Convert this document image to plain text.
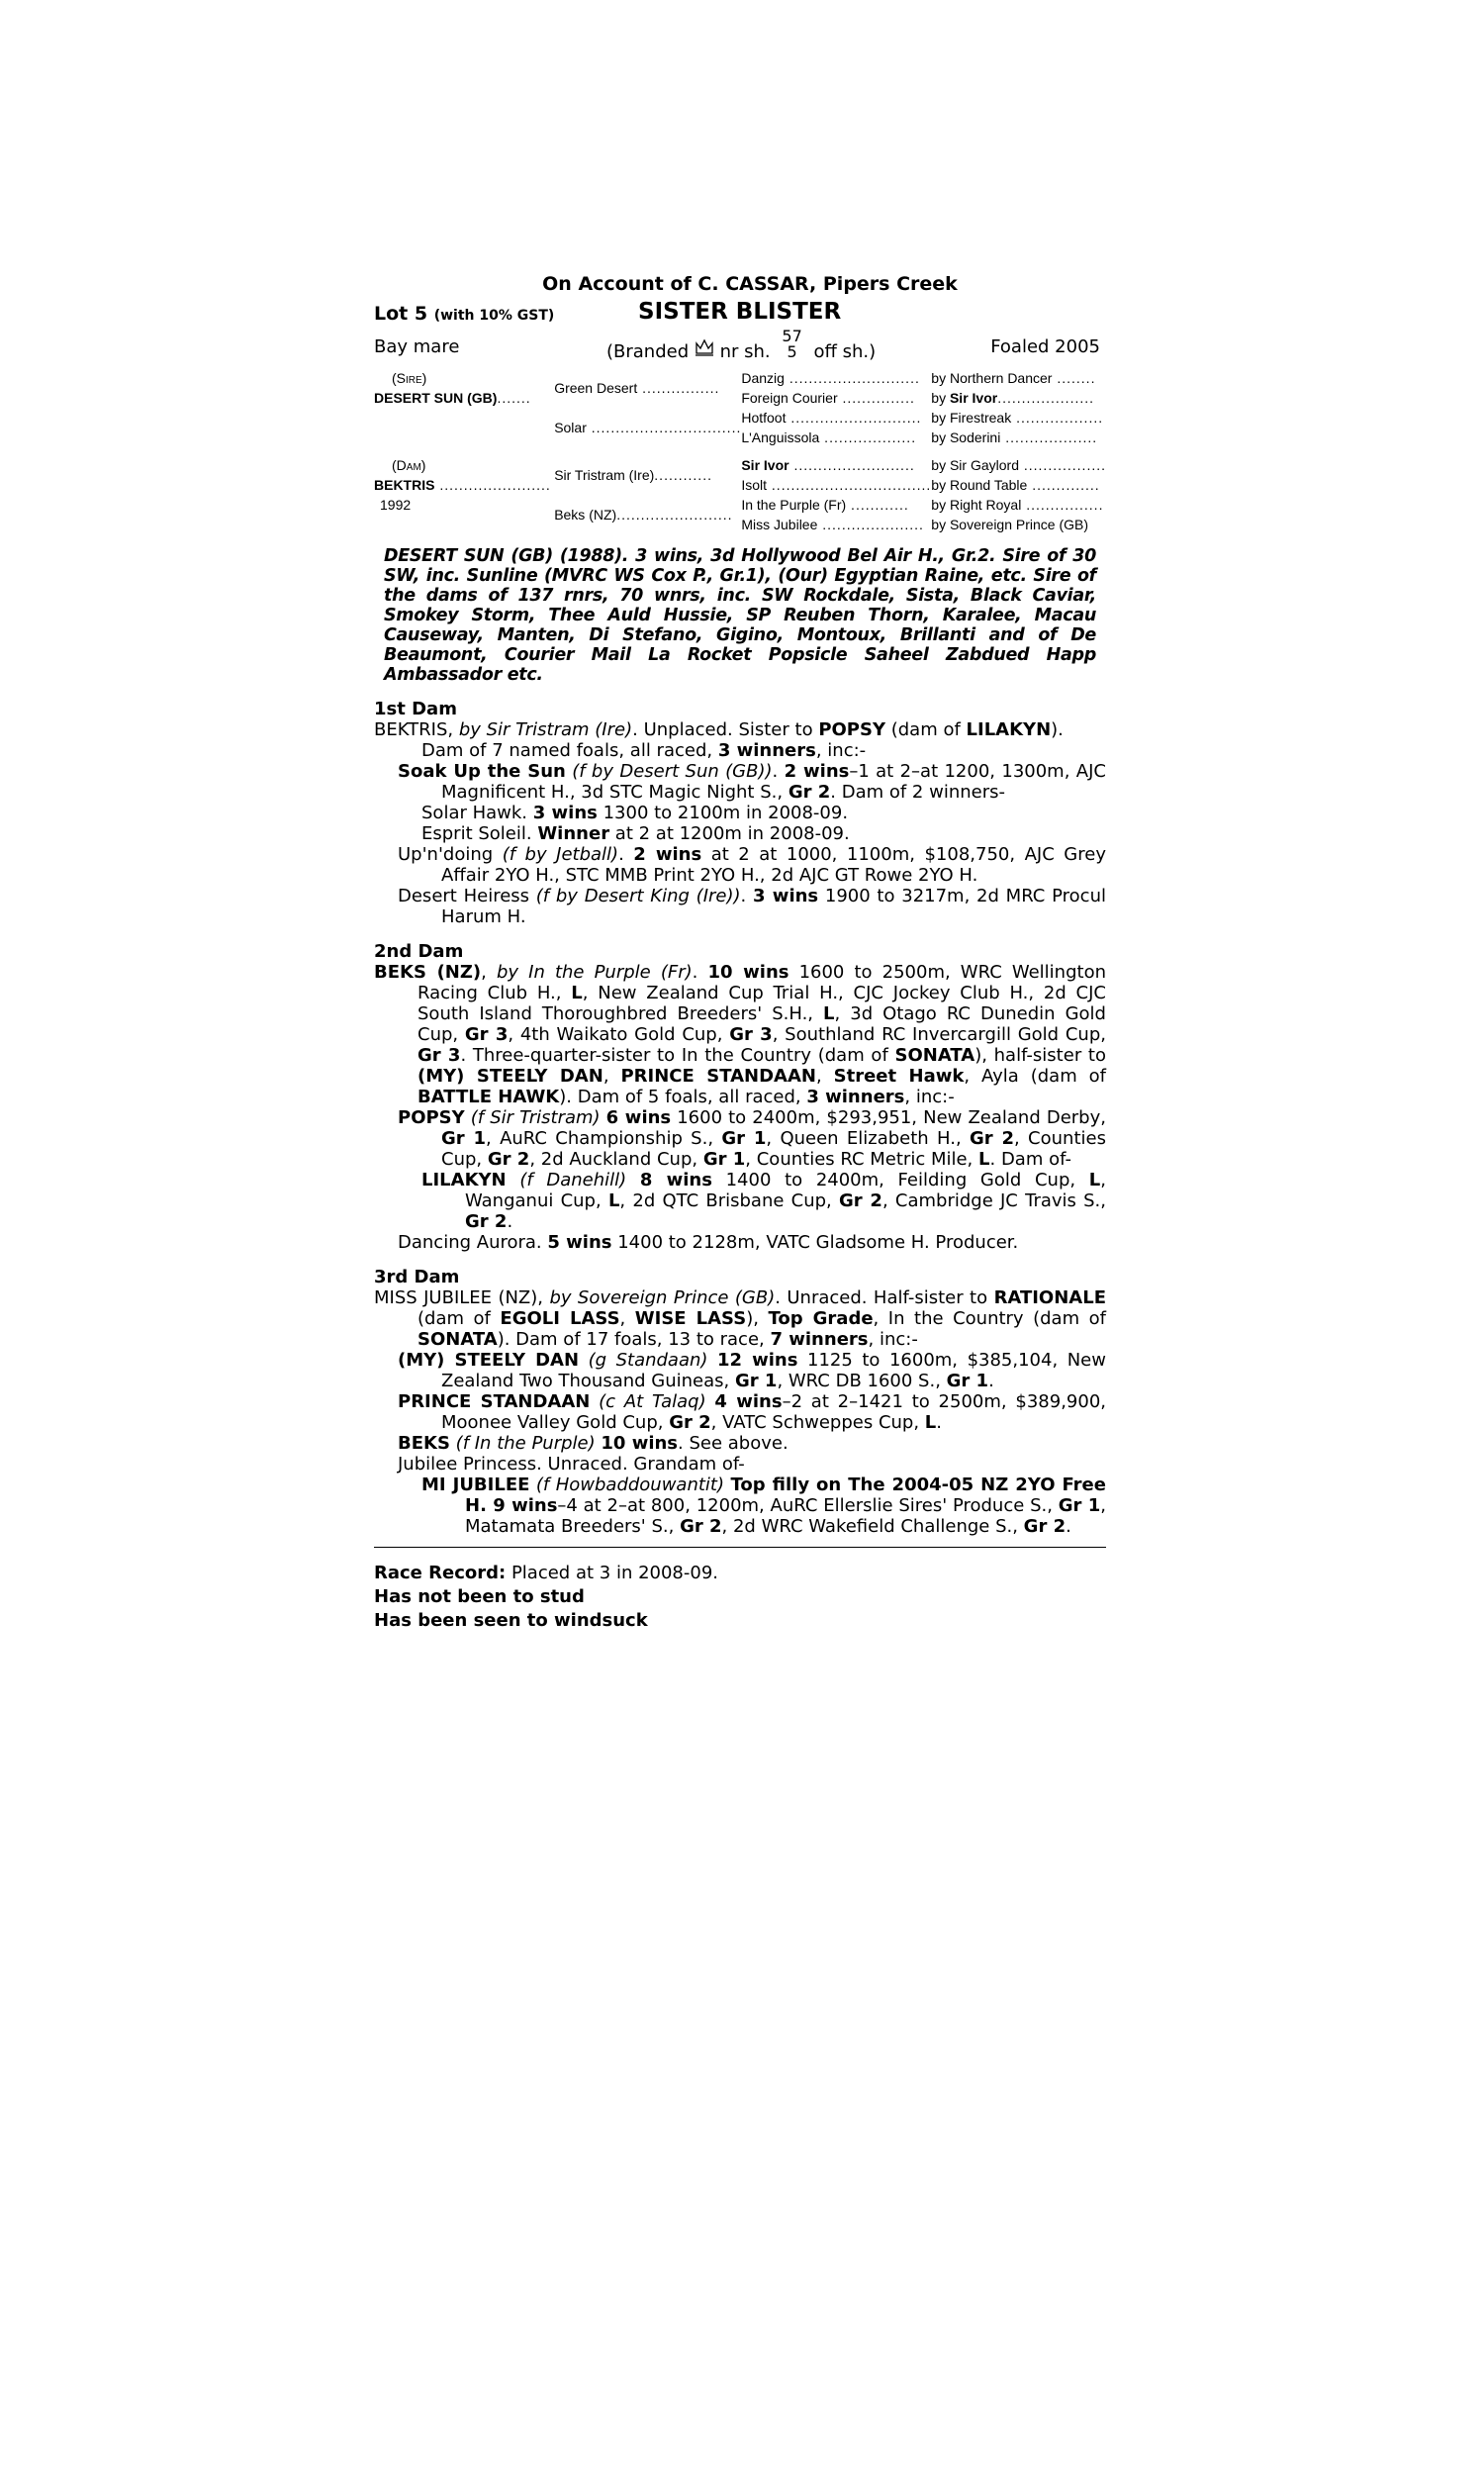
On Account of C. CASSAR, Pipers Creek
Lot 5 (with 10% GST)	SISTER BLISTER
Bay mare	(Branded nr sh. 57
5 off sh.)	Foaled 2005
(Sire)	Green Desert ................	Danzig ...........................	by Northern Dancer ........
DESERT SUN (GB).......		Foreign Courier ...............	by Sir Ivor....................
	Solar ...............................	Hotfoot ...........................	by Firestreak ..................
		L'Anguissola ...................	by Soderini ...................

(Dam)	Sir Tristram (Ire)............	Sir Ivor .........................	by Sir Gaylord .................
BEKTRIS .......................		Isolt .................................	by Round Table ..............
1992	Beks (NZ)........................	In the Purple (Fr) ............	by Right Royal ................
		Miss Jubilee .....................	by Sovereign Prince (GB)
DESERT SUN (GB) (1988). 3 wins, 3d Hollywood Bel Air H., Gr.2. Sire of 30 SW, inc. Sunline (MVRC WS Cox P., Gr.1), (Our) Egyptian Raine, etc. Sire of the dams of 137 rnrs, 70 wnrs, inc. SW Rockdale, Sista, Black Caviar, Smokey Storm, Thee Auld Hussie, SP Reuben Thorn, Karalee, Macau Causeway, Manten, Di Stefano, Gigino, Montoux, Brillanti and of De Beaumont, Courier Mail La Rocket Popsicle Saheel Zabdued Happ Ambassador etc.
1st Dam

BEKTRIS, by Sir Tristram (Ire). Unplaced. Sister to POPSY (dam of LILAKYN).

Dam of 7 named foals, all raced, 3 winners, inc:-

Soak Up the Sun (f by Desert Sun (GB)). 2 wins–1 at 2–at 1200, 1300m, AJC Magnificent H., 3d STC Magic Night S., Gr 2. Dam of 2 winners-

Solar Hawk. 3 wins 1300 to 2100m in 2008-09.

Esprit Soleil. Winner at 2 at 1200m in 2008-09.

Up'n'doing (f by Jetball). 2 wins at 2 at 1000, 1100m, $108,750, AJC Grey Affair 2YO H., STC MMB Print 2YO H., 2d AJC GT Rowe 2YO H.

Desert Heiress (f by Desert King (Ire)). 3 wins 1900 to 3217m, 2d MRC Procul Harum H.

2nd Dam

BEKS (NZ), by In the Purple (Fr). 10 wins 1600 to 2500m, WRC Wellington Racing Club H., L, New Zealand Cup Trial H., CJC Jockey Club H., 2d CJC South Island Thoroughbred Breeders' S.H., L, 3d Otago RC Dunedin Gold Cup, Gr 3, 4th Waikato Gold Cup, Gr 3, Southland RC Invercargill Gold Cup, Gr 3. Three-quarter-sister to In the Country (dam of SONATA), half-sister to (MY) STEELY DAN, PRINCE STANDAAN, Street Hawk, Ayla (dam of BATTLE HAWK). Dam of 5 foals, all raced, 3 winners, inc:-

POPSY (f Sir Tristram) 6 wins 1600 to 2400m, $293,951, New Zealand Derby, Gr 1, AuRC Championship S., Gr 1, Queen Elizabeth H., Gr 2, Counties Cup, Gr 2, 2d Auckland Cup, Gr 1, Counties RC Metric Mile, L. Dam of-

LILAKYN (f Danehill) 8 wins 1400 to 2400m, Feilding Gold Cup, L, Wanganui Cup, L, 2d QTC Brisbane Cup, Gr 2, Cambridge JC Travis S., Gr 2.

Dancing Aurora. 5 wins 1400 to 2128m, VATC Gladsome H. Producer.

3rd Dam

MISS JUBILEE (NZ), by Sovereign Prince (GB). Unraced. Half-sister to RATIONALE (dam of EGOLI LASS, WISE LASS), Top Grade, In the Country (dam of SONATA). Dam of 17 foals, 13 to race, 7 winners, inc:-

(MY) STEELY DAN (g Standaan) 12 wins 1125 to 1600m, $385,104, New Zealand Two Thousand Guineas, Gr 1, WRC DB 1600 S., Gr 1.

PRINCE STANDAAN (c At Talaq) 4 wins–2 at 2–1421 to 2500m, $389,900, Moonee Valley Gold Cup, Gr 2, VATC Schweppes Cup, L.

BEKS (f In the Purple) 10 wins. See above.

Jubilee Princess. Unraced. Grandam of-

MI JUBILEE (f Howbaddouwantit) Top filly on The 2004-05 NZ 2YO Free H. 9 wins–4 at 2–at 800, 1200m, AuRC Ellerslie Sires' Produce S., Gr 1, Matamata Breeders' S., Gr 2, 2d WRC Wakefield Challenge S., Gr 2.

Race Record: Placed at 3 in 2008-09.
Has not been to stud
Has been seen to windsuck
